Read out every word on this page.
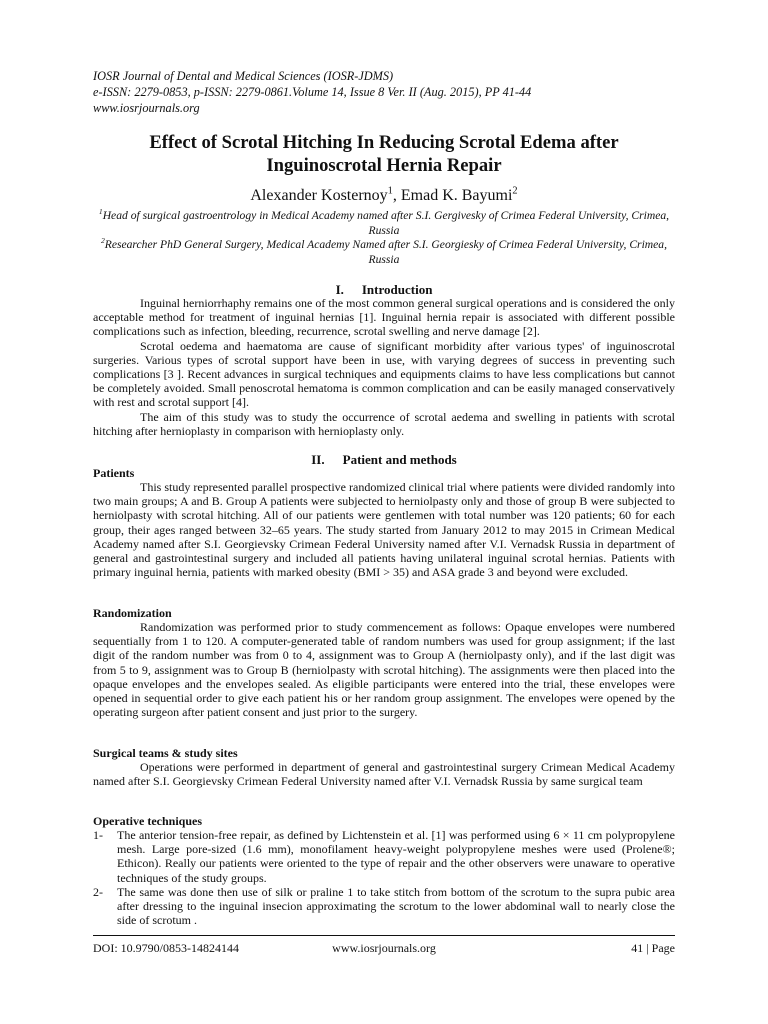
IOSR Journal of Dental and Medical Sciences (IOSR-JDMS)
e-ISSN: 2279-0853, p-ISSN: 2279-0861.Volume 14, Issue 8 Ver. II (Aug. 2015), PP 41-44
www.iosrjournals.org
Effect of Scrotal Hitching In Reducing Scrotal Edema after
Inguinoscrotal Hernia Repair
Alexander Kosternoy$^1$, Emad K. Bayumi$^2$
$^1$Head of surgical gastroentrology in Medical Academy named after S.I. Gergivesky of Crimea Federal University, Crimea, Russia
$^2$Researcher PhD General Surgery, Medical Academy Named after S.I. Georgiesky of Crimea Federal University, Crimea, Russia
I. Introduction

Inguinal herniorrhaphy remains one of the most common general surgical operations and is considered the only acceptable method for treatment of inguinal hernias [1]. Inguinal hernia repair is associated with different possible complications such as infection, bleeding, recurrence, scrotal swelling and nerve damage [2].

Scrotal oedema and haematoma are cause of significant morbidity after various types' of inguinoscrotal surgeries. Various types of scrotal support have been in use, with varying degrees of success in preventing such complications [3 ]. Recent advances in surgical techniques and equipments claims to have less complications but cannot be completely avoided. Small penoscrotal hematoma is common complication and can be easily managed conservatively with rest and scrotal support [4].

The aim of this study was to study the occurrence of scrotal aedema and swelling in patients with scrotal hitching after hernioplasty in comparison with hernioplasty only.

II. Patient and methods
Patients

This study represented parallel prospective randomized clinical trial where patients were divided randomly into two main groups; A and B. Group A patients were subjected to herniolpasty only and those of group B were subjected to herniolpasty with scrotal hitching. All of our patients were gentlemen with total number was 120 patients; 60 for each group, their ages ranged between 32–65 years. The study started from January 2012 to may 2015 in Crimean Medical Academy named after S.I. Georgievsky Crimean Federal University named after V.I. Vernadsk Russia in department of general and gastrointestinal surgery and included all patients having unilateral inguinal scrotal hernias. Patients with primary inguinal hernia, patients with marked obesity (BMI > 35) and ASA grade 3 and beyond were excluded.

Randomization

Randomization was performed prior to study commencement as follows: Opaque envelopes were numbered sequentially from 1 to 120. A computer-generated table of random numbers was used for group assignment; if the last digit of the random number was from 0 to 4, assignment was to Group A (herniolpasty only), and if the last digit was from 5 to 9, assignment was to Group B (herniolpasty with scrotal hitching). The assignments were then placed into the opaque envelopes and the envelopes sealed. As eligible participants were entered into the trial, these envelopes were opened in sequential order to give each patient his or her random group assignment. The envelopes were opened by the operating surgeon after patient consent and just prior to the surgery.

Surgical teams & study sites

Operations were performed in department of general and gastrointestinal surgery Crimean Medical Academy named after S.I. Georgievsky Crimean Federal University named after V.I. Vernadsk Russia by same surgical team

Operative techniques
1- The anterior tension-free repair, as defined by Lichtenstein et al. [1] was performed using 6 × 11 cm polypropylene mesh. Large pore-sized (1.6 mm), monofilament heavy-weight polypropylene meshes were used (Prolene®; Ethicon). Really our patients were oriented to the type of repair and the other observers were unaware to operative techniques of the study groups.
2- The same was done then use of silk or praline 1 to take stitch from bottom of the scrotum to the supra pubic area after dressing to the inguinal insecion approximating the scrotum to the lower abdominal wall to nearly close the side of scrotum .
DOI: 10.9790/0853-14824144	www.iosrjournals.org	41 | Page
